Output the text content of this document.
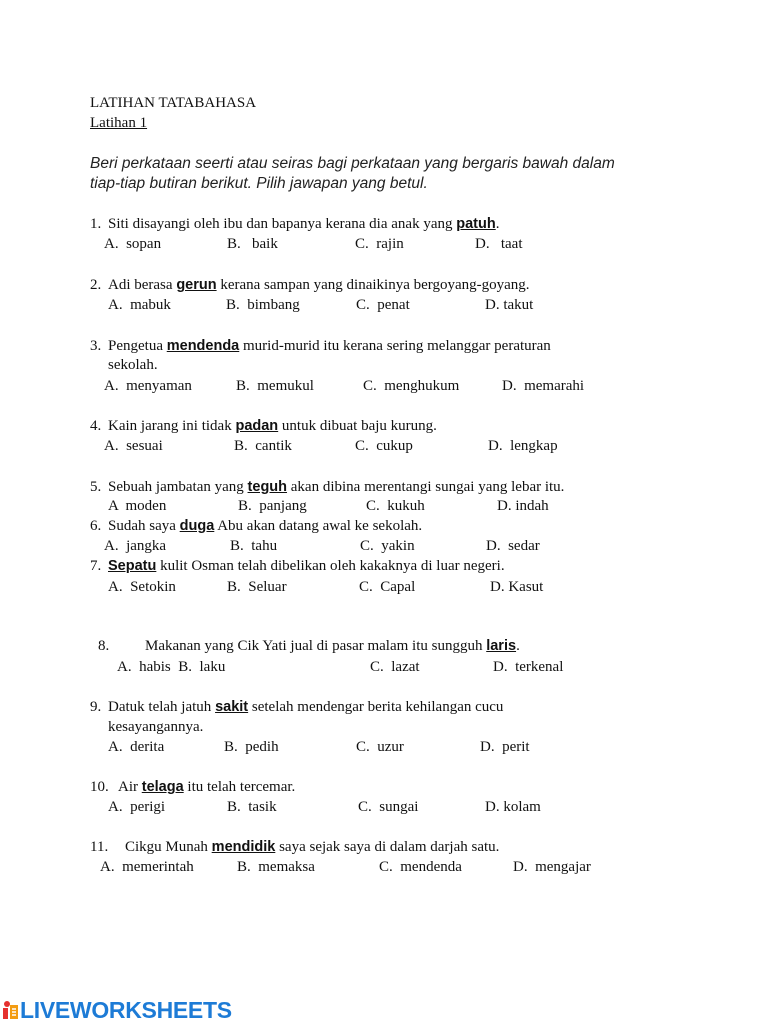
LATIHAN TATABAHASA
Latihan 1
Beri perkataan seerti atau seiras bagi perkataan yang bergaris bawah dalam
tiap-tiap butiran berikut. Pilih jawapan yang betul.
1. Siti disayangi oleh ibu dan bapanya kerana dia anak yang patuh.
A.  sopan	B.   baik	C.  rajin	D.   taat
2. Adi berasa gerun kerana sampan yang dinaikinya bergoyang-goyang.
A.  mabuk	B.  bimbang	C.  penat	D. takut
3. Pengetua mendenda murid-murid itu kerana sering melanggar peraturan
sekolah.
A.  menyaman	B.  memukul	C.  menghukum	D.  memarahi
4. Kain jarang ini tidak padan untuk dibuat baju kurung.
A.  sesuai	B.  cantik	C.  cukup	D.  lengkap
5. Sebuah jambatan yang teguh akan dibina merentangi sungai yang lebar itu.
A  moden	B.  panjang	C.  kukuh	D. indah
6. Sudah saya duga Abu akan datang awal ke sekolah.
A.  jangka	B.  tahu	C.  yakin	D.  sedar
7. Sepatu kulit Osman telah dibelikan oleh kakaknya di luar negeri.
A.  Setokin	B.  Seluar	C.  Capal	D. Kasut
8. Makanan yang Cik Yati jual di pasar malam itu sungguh laris.
A.  habis  B.  laku	C.  lazat	D.  terkenal
9. Datuk telah jatuh sakit setelah mendengar berita kehilangan cucu
kesayangannya.
A.  derita	B.  pedih	C.  uzur	D.  perit
10. Air telaga itu telah tercemar.
A.  perigi	B.  tasik	C.  sungai	D. kolam
11. Cikgu Munah mendidik saya sejak saya di dalam darjah satu.
A.  memerintah	B.  memaksa	C.  mendenda	D.  mengajar
LIVEWORKSHEETS
